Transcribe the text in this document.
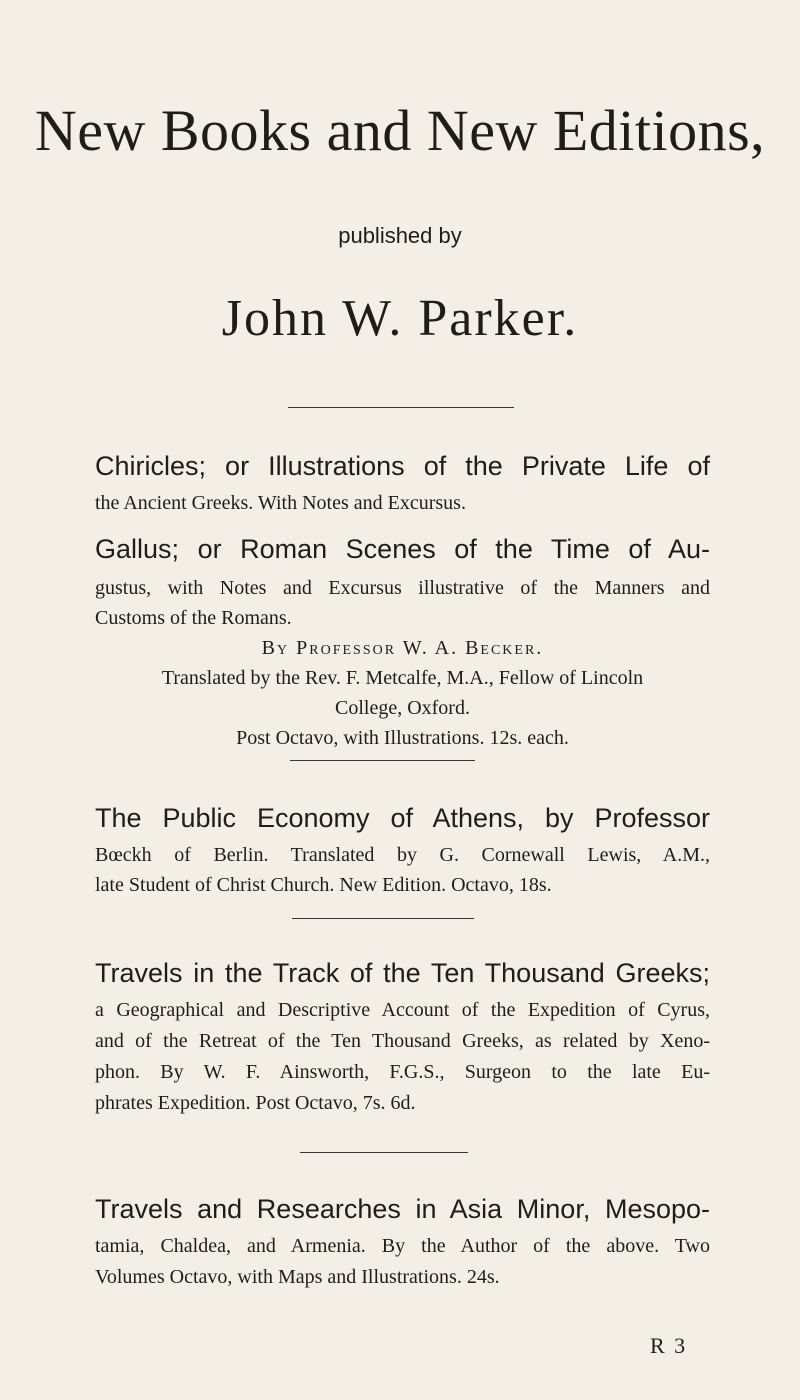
New Books and New Editions,
published by
John W. Parker.
Chiricles; or Illustrations of the Private Life of
the Ancient Greeks. With Notes and Excursus.
Gallus; or Roman Scenes of the Time of Au-
gustus, with Notes and Excursus illustrative of the Manners and
Customs of the Romans.
By Professor W. A. Becker.
Translated by the Rev. F. Metcalfe, M.A., Fellow of Lincoln
College, Oxford.
Post Octavo, with Illustrations. 12s. each.
The Public Economy of Athens, by Professor
Bœckh of Berlin. Translated by G. Cornewall Lewis, A.M.,
late Student of Christ Church. New Edition. Octavo, 18s.
Travels in the Track of the Ten Thousand Greeks;
a Geographical and Descriptive Account of the Expedition of Cyrus,
and of the Retreat of the Ten Thousand Greeks, as related by Xeno-
phon. By W. F. Ainsworth, F.G.S., Surgeon to the late Eu-
phrates Expedition. Post Octavo, 7s. 6d.
Travels and Researches in Asia Minor, Mesopo-
tamia, Chaldea, and Armenia. By the Author of the above. Two
Volumes Octavo, with Maps and Illustrations. 24s.
R 3
